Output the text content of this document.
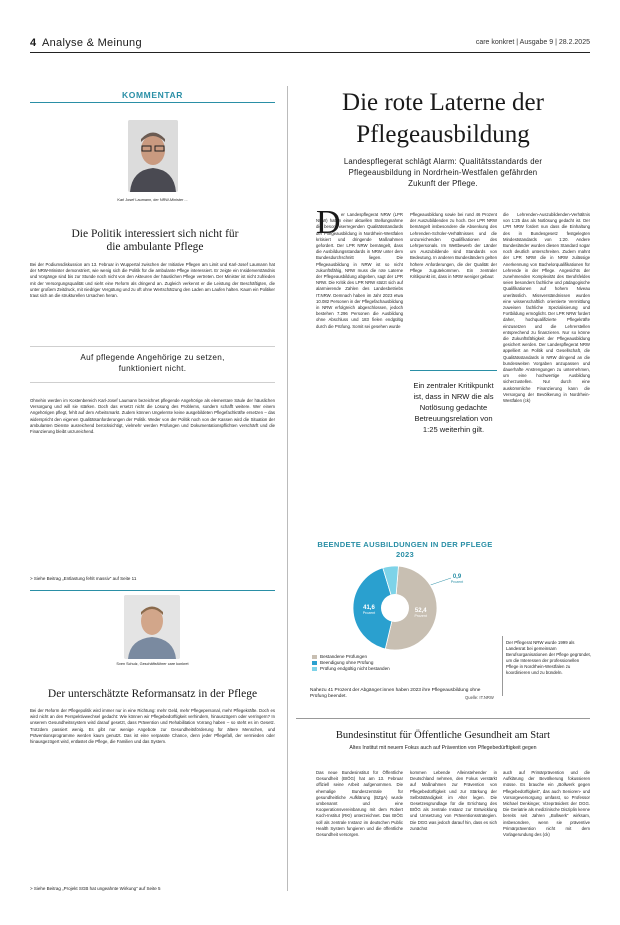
4 Analyse & Meinung	care konkret | Ausgabe 9 | 28.2.2025
KOMMENTAR
Karl Josef Laumann, der NRW-Minister ...
Die Politik interessiert sich nicht für die ambulante Pflege
Bei der Podiumsdiskussion am 13. Februar in Wuppertal zwischen der Initiative Pflegen am Limit und Karl-Josef Laumann hat der NRW-Minister demonstriert, wie wenig sich die Politik für die ambulante Pflege interessiert. Er zeigte ein Insiderverständnis und Vorgänge sind bis zur Stunde noch nicht von den Akteuren der häuslichen Pflege vertreten. Der Minister ist nicht zufrieden mit der Versorgungsqualität und sieht eine Reform als dringend an. Zugleich verkennt er die Leistung der Beschäftigten, die unter großem Zeitdruck, mit niedriger Vergütung und zu oft ohne Wertschätzung den Laden am Laufen halten. Kaum ein Politiker traut sich an die strukturellen Ursachen heran.
Auf pflegende Angehörige zu setzen, funktioniert nicht.
Ohnehin werden im Kostenbereich Karl-Josef Laumann bezeichnet pflegende Angehörige als elementare Säule der häuslichen Versorgung und will sie stärken. Doch das ersetzt nicht die Lösung des Problems, sondern schafft weitere. Wer einem Angehörigen pflegt, fehlt auf dem Arbeitsmarkt. Zudem können Ungelernte keine ausgebildeten Pflegefachkräfte ersetzen – das widerspricht den eigenen Qualitätsanforderungen der Politik. Weder von der Politik noch von der Kassen wird die Situation der ambulanten Dienste ausreichend berücksichtigt, vielmehr werden Prüfungen und Dokumentationspflichten verschärft und die Finanzierung bleibt unzureichend.
> Siehe Beitrag „Entlastung fehlt massiv“ auf Seite 11
Sven Schulz, Geschäftsführer care konkret
Der unterschätzte Reformansatz in der Pflege
Bei der Reform der Pflegepolitik wird immer nur in eine Richtung: mehr Geld, mehr Pflegepersonal, mehr Pflegekräfte. Doch es wird nicht an den Perspektivwechsel gedacht: Wie können wir Pflegebedürftigkeit verhindern, hinauszögern oder verringern? In unserem Gesundheitssystem wird darauf gesetzt, dass Prävention und Rehabilitation Vorrang haben – so steht es im Gesetz. Trotzdem passiert wenig. Es gibt nur wenige Angebote zur Gesundheitsförderung für ältere Menschen, und Präventionsprogramme werden kaum genutzt. Das ist eine verpasste Chance, denn jeder Pflegefall, der vermieden oder hinausgezögert wird, entlastet die Pflege, die Familien und das System.
> Siehe Beitrag „Projekt SGB hat ungeahnte Wirkung“ auf Seite 5
Die rote Laterne der
Pflegeausbildung
Landespflegerat schlägt Alarm: Qualitätsstandards der Pflegeausbildung in Nordrhein-Westfalen gefährden Zukunft der Pflege.
D er Landespflegerat NRW (LPR NRW) hat in einer aktuellen Stellungnahme die besorgniserregenden Qualitätsstandards der Pflegeausbildung in Nordrhein-Westfalen kritisiert und dringende Maßnahmen gefordert. Der LPR NRW bemängelt, dass die Ausbildungsstandards in NRW unter dem Bundesdurchschnitt liegen. Die Pflegeausbildung in NRW ist so nicht zukunftsfähig, NRW muss die rote Laterne der Pflegeausbildung abgeben, sagt der LPR NRW. Die Kritik des LPR NRW stützt sich auf alarmierende Zahlen des Landesbetriebs IT.NRW. Demnach haben im Jahr 2023 etwa 10.082 Personen in der Pflegefachausbildung in NRW erfolgreich abgeschlossen, jedoch bestehen 7.296 Personen die Ausbildung ohne Abschluss und 183 fielen endgültig durch die Prüfung. Somit sei gesehen wurde
Pflegeausbildung sowie bei rund 46 Prozent der Auszubildenden zu hoch. Der LPR NRW bemängelt insbesondere die Absenkung des Lehrenden-Schüler-Verhältnisses und die unzureichenden Qualifikationen des Lehrpersonals. Im Wettbewerb der Länder um Auszubildende sind Standards von Bedeutung. In anderen Bundesländern gelten höhere Anforderungen, die der Qualität der Pflege zugutekommen. Ein zentraler Kritikpunkt ist, dass in NRW weniger gebaut
Ein zentraler Kritikpunkt ist, dass in NRW die als Notlösung gedachte Betreuungsrelation von 1:25 weiterhin gilt.
die Lehrenden-Auszubildenden-Verhältnis von 1:25 das als Notlösung gedacht ist. Der LPR NRW fordert nun dass die Einhaltung des in Bundesgesetz festgelegten Mindeststandards von 1:20. Andere Bundesländer wurden diesen Standard sogar noch deutlich unterschreiten. Zudem mahnt der LPR NRW die in NRW zulässige Anerkennung von Bachelorqualifikationen für Lehrende in der Pflege. Angesichts der zunehmenden Komplexität des Berufsfeldes seien besonders fachliche und pädagogische Qualifikationen auf hohem Niveau unerlässlich. Missverständnissen wurden eine wissenschaftlich orientierte Vermittlung zuweisen fachliche Spezialisierung und Fortbildung ermöglicht. Der LPR NRW fordert daher, hochqualifizierte Pflegekräfte einzusetzen und die Lehrerstellen entsprechend zu finanzieren. Nur so könne die Zukunftsfähigkeit der Pflegeausbildung gesichert werden. Der Landespflegerat NRW appelliert an Politik und Gesellschaft, die Qualitätsstandards in NRW dringend an die bundesweiten Vorgaben anzupassen und dauerhafte Anstrengungen zu unternehmen, um eine hochwertige Ausbildung sicherzustellen. Nur durch eine auskömmliche Finanzierung kann die Versorgung der Bevölkerung in Nordrhein-Westfalen (ck)
BEENDETE AUSBILDUNGEN IN DER PFLEGE 2023
52,4
Prozent
41,6
Prozent
0,9
Prozent
Bestandene Prüfungen
Beendigung ohne Prüfung
Prüfung endgültig nicht bestanden
Nahezu 41 Prozent der Abgänger:innen haben 2023 ihre Pflegeausbildung ohne Prüfung beendet.	Quelle: IT.NRW
Der Pflegerat NRW wurde 1999 als Landesrat bei gemeinsam Berufsorganisationen der Pflege gegründet, um die Interessen der professionellen Pflege in Nordrhein-Westfalen zu koordinieren und zu bündeln.
Bundesinstitut für Öffentliche Gesundheit am Start
Altes Institut mit neuem Fokus auch auf Prävention von Pflegebedürftigkeit gegen
Das neue Bundesinstitut für Öffentliche Gesundheit (BIÖG) hat am 13. Februar offiziell seine Arbeit aufgenommen. Die ehemalige Bundeszentrale für gesundheitliche Aufklärung (BZgA) wurde umbenannt und eine Kooperationsvereinbarung mit dem Robert Koch-Institut (RKI) unterzeichnet. Das BIÖG soll als zentrale Instanz im deutschen Public Health System fungieren und die öffentliche Gesundheit versorgen.
kommen Lebende Alleinstehender in Deutschland nehmen, den Fokus verstärkt auf Maßnahmen zur Prävention von Pflegebedürftigkeit und zur Stärkung der Selbstständigkeit im Alter legen. Die Gesetzesgrundlage für die Errichtung des BIÖG als zentrale Instanz zur Entwicklung und Umsetzung von Präventionsstrategien. Die DGG was jedoch darauf hin, dass es sich zunächst
auch auf Primärprävention und die Aufklärung der Bevölkerung fokussieren müsse. Es brauche ein „Bollwerk gegen Pflegebedürftigkeit“, das auch Senioren- und Vorsorgeversorgung umfasst, so Professor Michael Denkinger, Vizepräsident der DGG. Die Geriatrie als medizinische Disziplin kenne bereits seit Jahren „Bollwerk“ wirksam, insbesondere, wenn sie präventive Primärprävention nicht mit dem Vorlagerundung des (ck)
